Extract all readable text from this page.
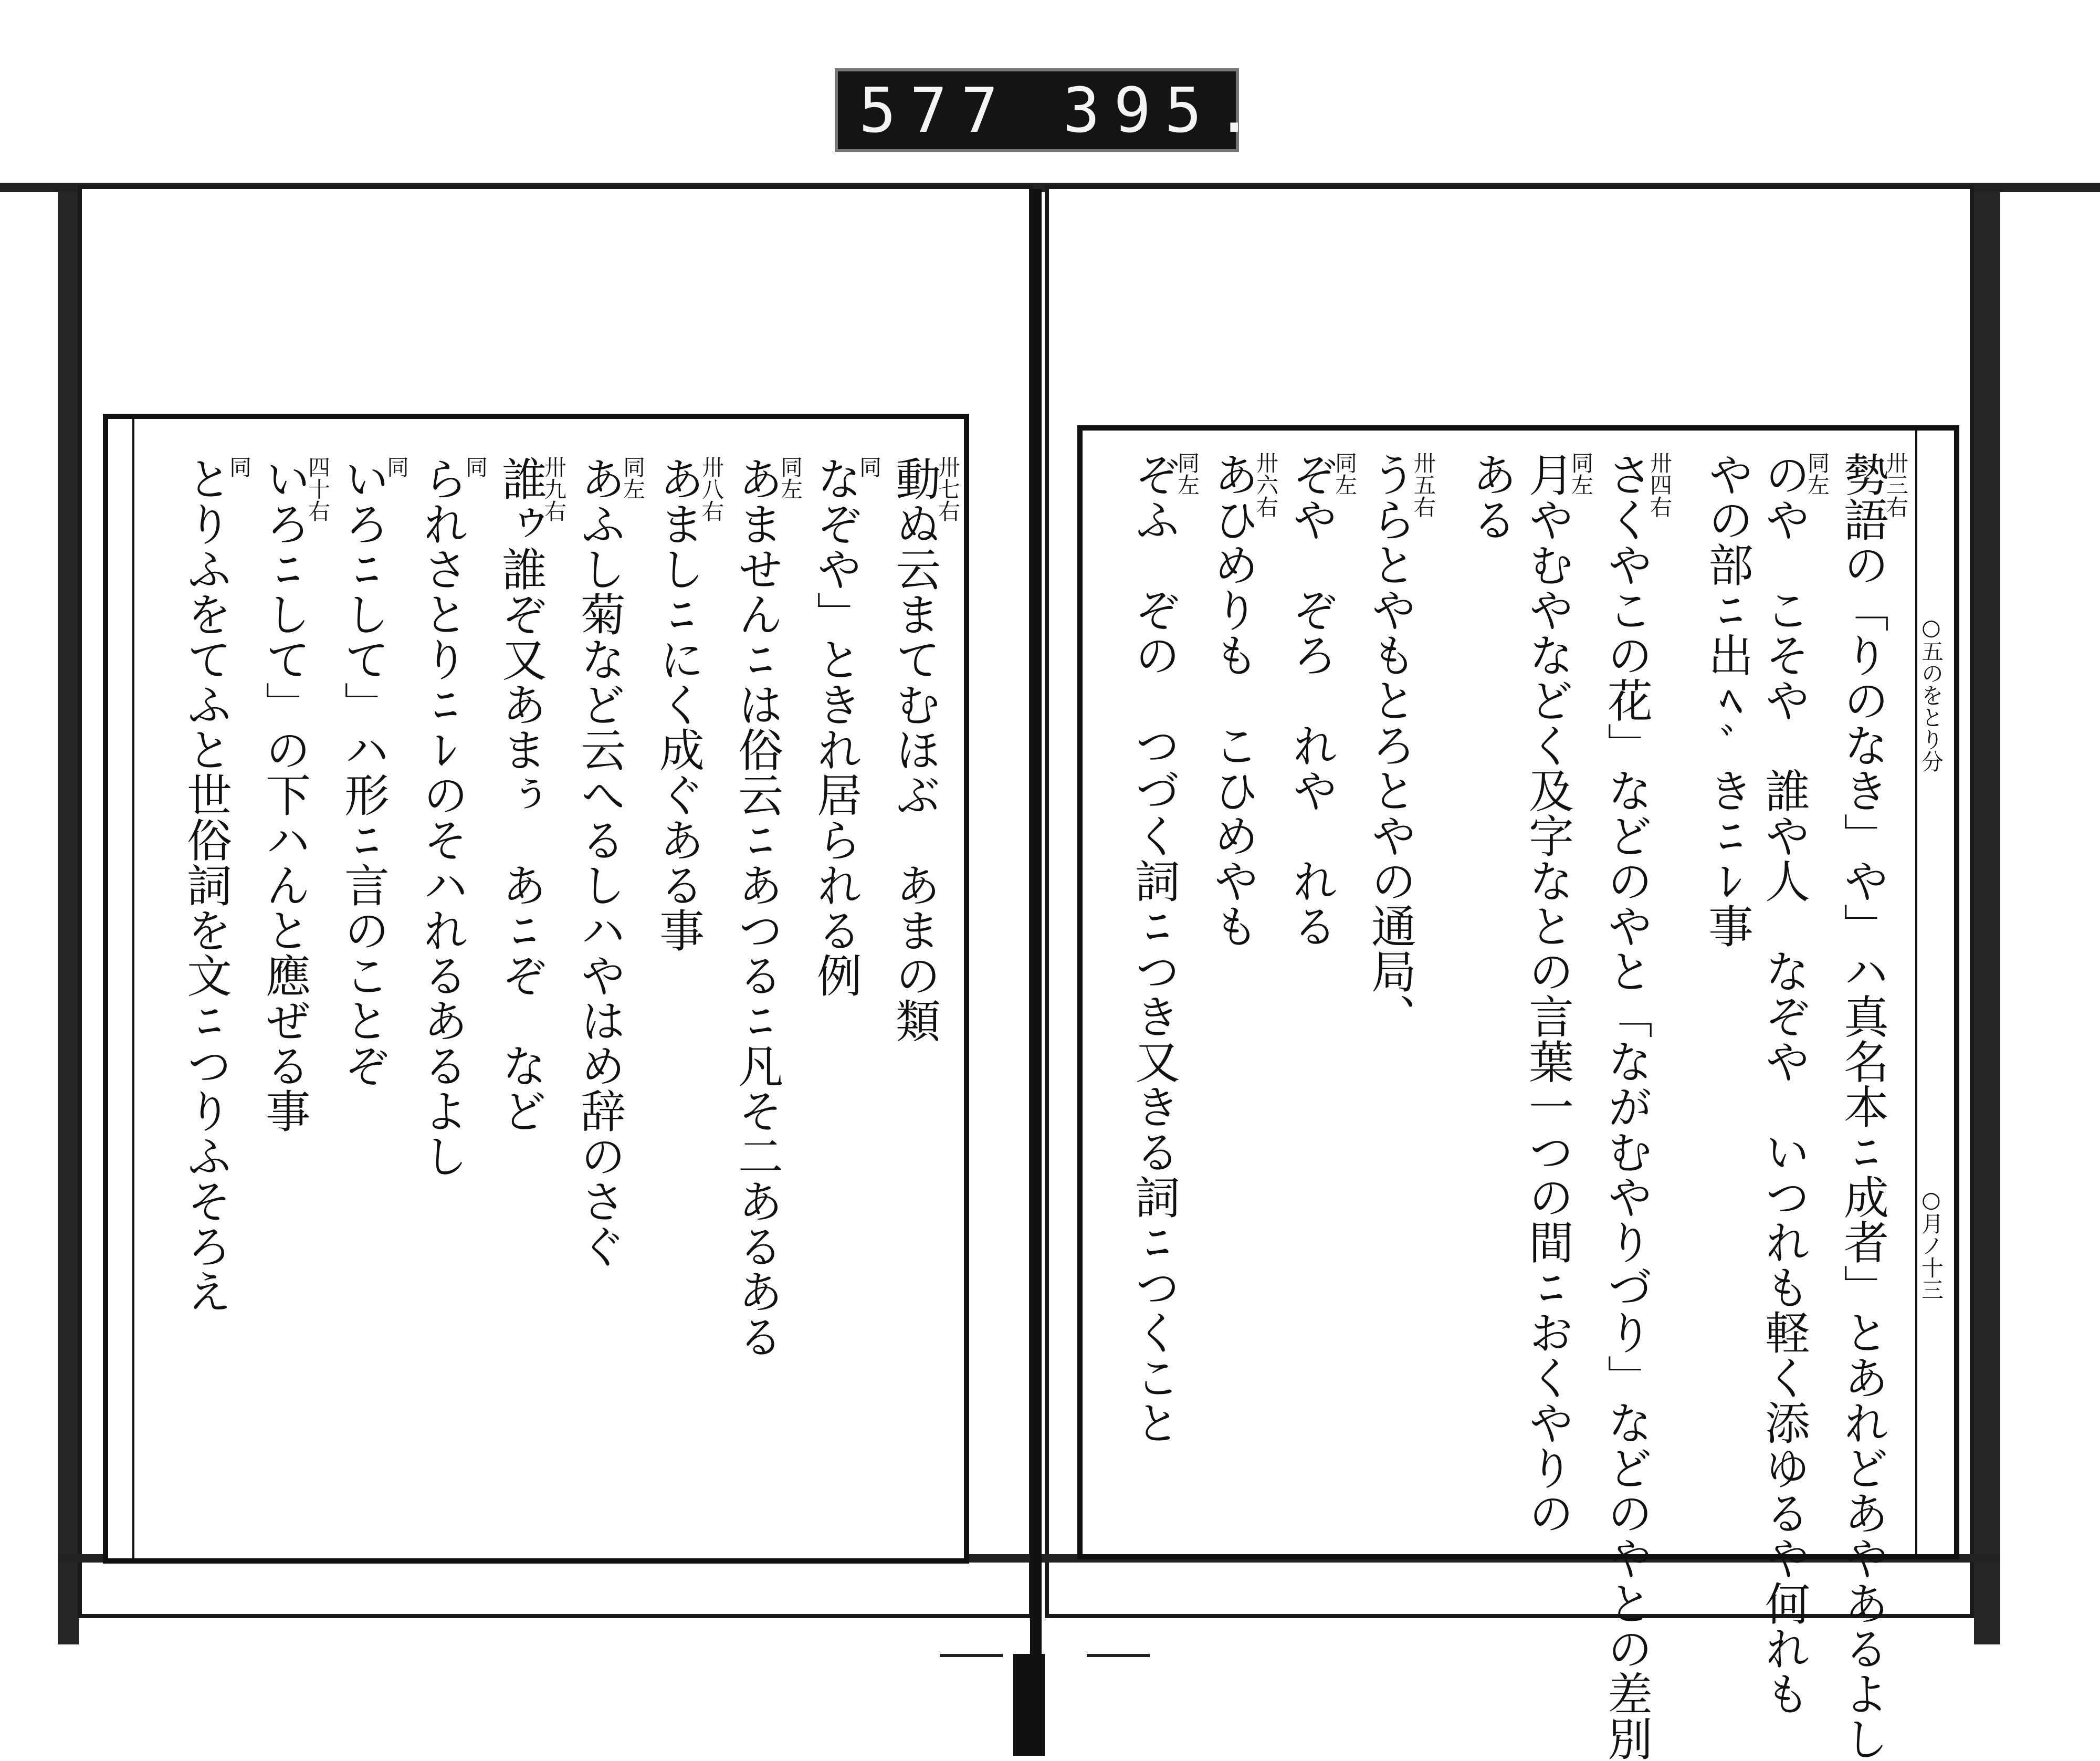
577 395.
卅七右
動ぬ云まてむほぶ　あまの類
同
なぞや」ときれ居られる例
同左
あませんﾆは俗云ﾆあつるﾆ凡そ二あるある
卅八右
あましﾆにく成ぐある事
同左
あふし菊など云へるしハやはめ辞のさぐ
卅九右
誰ゥ誰ぞ又あまぅ　あﾆぞ　など
同
られさとりﾆﾚのそハれるあるよし
同
いろﾆして」ハ形ﾆ言のことぞ
四十右
いろﾆして」の下ハんと應ぜる事
同
とりふをてふと世俗詞を文ﾆつりふそろえ	○五のをとり分
○月ノ十三
卅三右
勢語の「りのなき」や」ハ真名本ﾆ成者」とあれどあやあるよし
同左
のや　こそや　誰や人　なぞや　いつれも軽く添ゆるや何れも
やの部ﾆ出ﾍﾞきﾆﾚ事
卅四右
さくやこの花」などのやと「ながむやりづり」などのやとの差別
同左
月やむやなどく及字なとの言葉一つの間ﾆおくやりの
ある
卅五右
うらとやもとろとやの通局、
同左
ぞや　ぞろ　れや　れる
卅六右
あひめりも　こひめやも
同左
ぞふ　ぞの　つづく詞ﾆつき又きる詞ﾆつくこと
